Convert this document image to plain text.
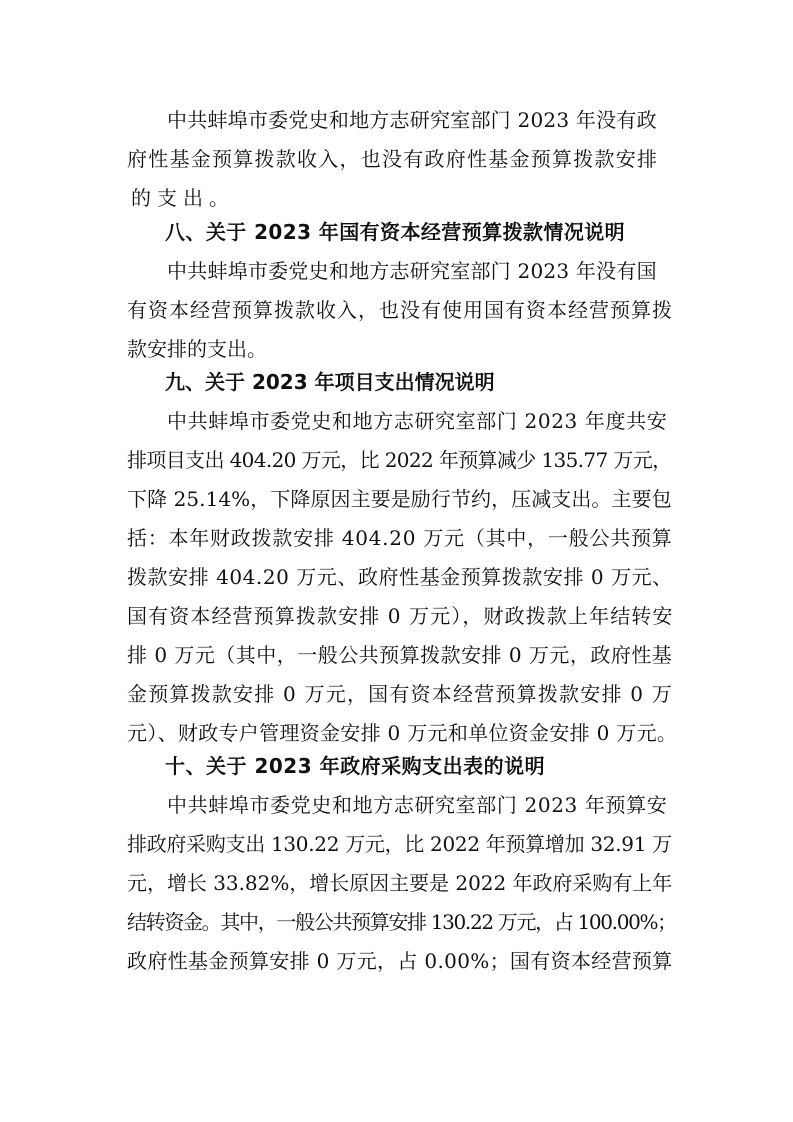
中共蚌埠市委党史和地方志研究室部门 2023 年没有政
府性基金预算拨款收入，也没有政府性基金预算拨款安排
的支出。
八、关于 2023 年国有资本经营预算拨款情况说明
中共蚌埠市委党史和地方志研究室部门 2023 年没有国
有资本经营预算拨款收入，也没有使用国有资本经营预算拨
款安排的支出。
九、关于 2023 年项目支出情况说明
中共蚌埠市委党史和地方志研究室部门 2023 年度共安
排项目支出 404.20 万元，比 2022 年预算减少 135.77 万元，
下降 25.14%，下降原因主要是励行节约，压减支出。主要包
括：本年财政拨款安排 404.20 万元（其中，一般公共预算
拨款安排 404.20 万元、政府性基金预算拨款安排 0 万元、
国有资本经营预算拨款安排 0 万元），财政拨款上年结转安
排 0 万元（其中，一般公共预算拨款安排 0 万元，政府性基
金预算拨款安排 0 万元，国有资本经营预算拨款安排 0 万
元）、财政专户管理资金安排 0 万元和单位资金安排 0 万元。
十、关于 2023 年政府采购支出表的说明
中共蚌埠市委党史和地方志研究室部门 2023 年预算安
排政府采购支出 130.22 万元，比 2022 年预算增加 32.91 万
元，增长 33.82%，增长原因主要是 2022 年政府采购有上年
结转资金。其中，一般公共预算安排 130.22 万元，占 100.00%；
政府性基金预算安排 0 万元，占 0.00%；国有资本经营预算
